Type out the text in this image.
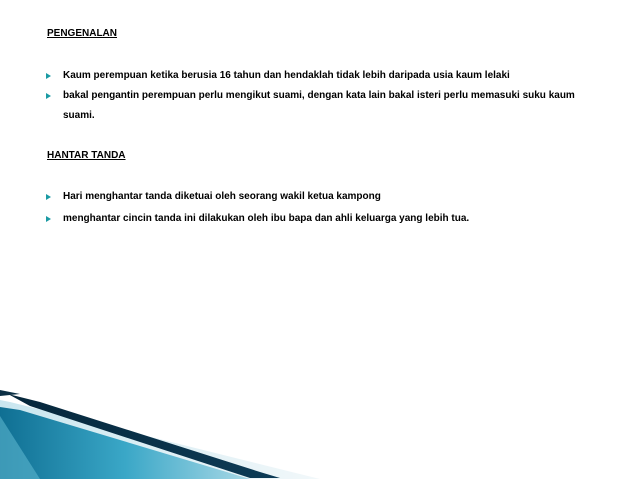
PENGENALAN
Kaum perempuan ketika berusia 16 tahun dan hendaklah tidak lebih daripada usia kaum lelaki
bakal pengantin perempuan perlu mengikut suami, dengan kata lain bakal isteri perlu memasuki suku kaum suami.
HANTAR TANDA
Hari menghantar tanda diketuai oleh seorang wakil ketua kampong
menghantar cincin tanda ini dilakukan oleh ibu bapa dan ahli keluarga yang lebih tua.
